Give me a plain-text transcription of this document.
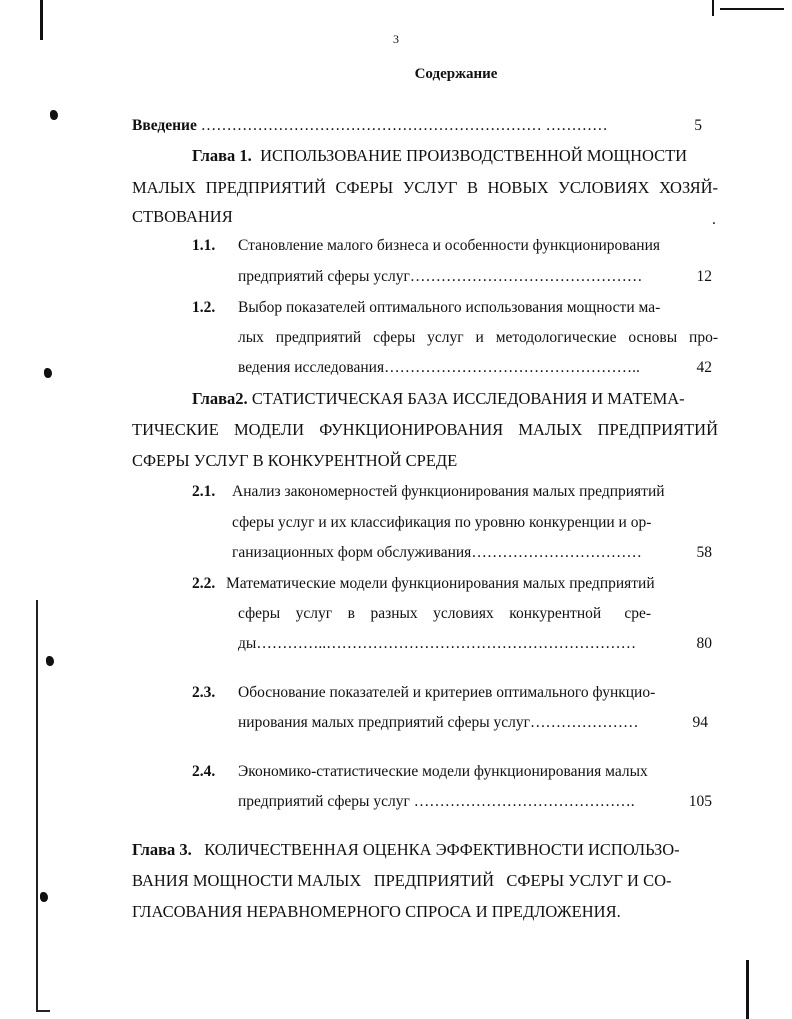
3
Содержание
Введение ………………………………………………………… …………	5
Глава 1. ИСПОЛЬЗОВАНИЕ ПРОИЗВОДСТВЕННОЙ МОЩНОСТИ
МАЛЫХ ПРЕДПРИЯТИЙ СФЕРЫ УСЛУГ В НОВЫХ УСЛОВИЯХ ХОЗЯЙ-
СТВОВАНИЯ	.
1.1. Становление малого бизнеса и особенности функционирования
предприятий сферы услуг………………………………………	12
1.2. Выбор показателей оптимального использования мощности ма-
лых предприятий сферы услуг и методологические основы про-
ведения исследования…………………………………………..	42
Глава2. СТАТИСТИЧЕСКАЯ БАЗА ИССЛЕДОВАНИЯ И МАТЕМА-
ТИЧЕСКИЕ МОДЕЛИ ФУНКЦИОНИРОВАНИЯ МАЛЫХ ПРЕДПРИЯТИЙ
СФЕРЫ УСЛУГ В КОНКУРЕНТНОЙ СРЕДЕ
2.1. Анализ закономерностей функционирования малых предприятий
сферы услуг и их классификация по уровню конкуренции и ор-
ганизационных форм обслуживания……………………………	58
2.2. Математические модели функционирования малых предприятий
сферы    услуг    в    разных    условиях    конкурентной      сре-
ды…………..……………………………………………………	80
2.3. Обоснование показателей и критериев оптимального функцио-
нирования малых предприятий сферы услуг…………………	94
2.4. Экономико-статистические модели функционирования малых
предприятий сферы услуг …………………………………….	105
Глава 3. КОЛИЧЕСТВЕННАЯ ОЦЕНКА ЭФФЕКТИВНОСТИ ИСПОЛЬЗО-
ВАНИЯ МОЩНОСТИ МАЛЫХ   ПРЕДПРИЯТИЙ   СФЕРЫ УСЛУГ И СО-
ГЛАСОВАНИЯ НЕРАВНОМЕРНОГО СПРОСА И ПРЕДЛОЖЕНИЯ.
